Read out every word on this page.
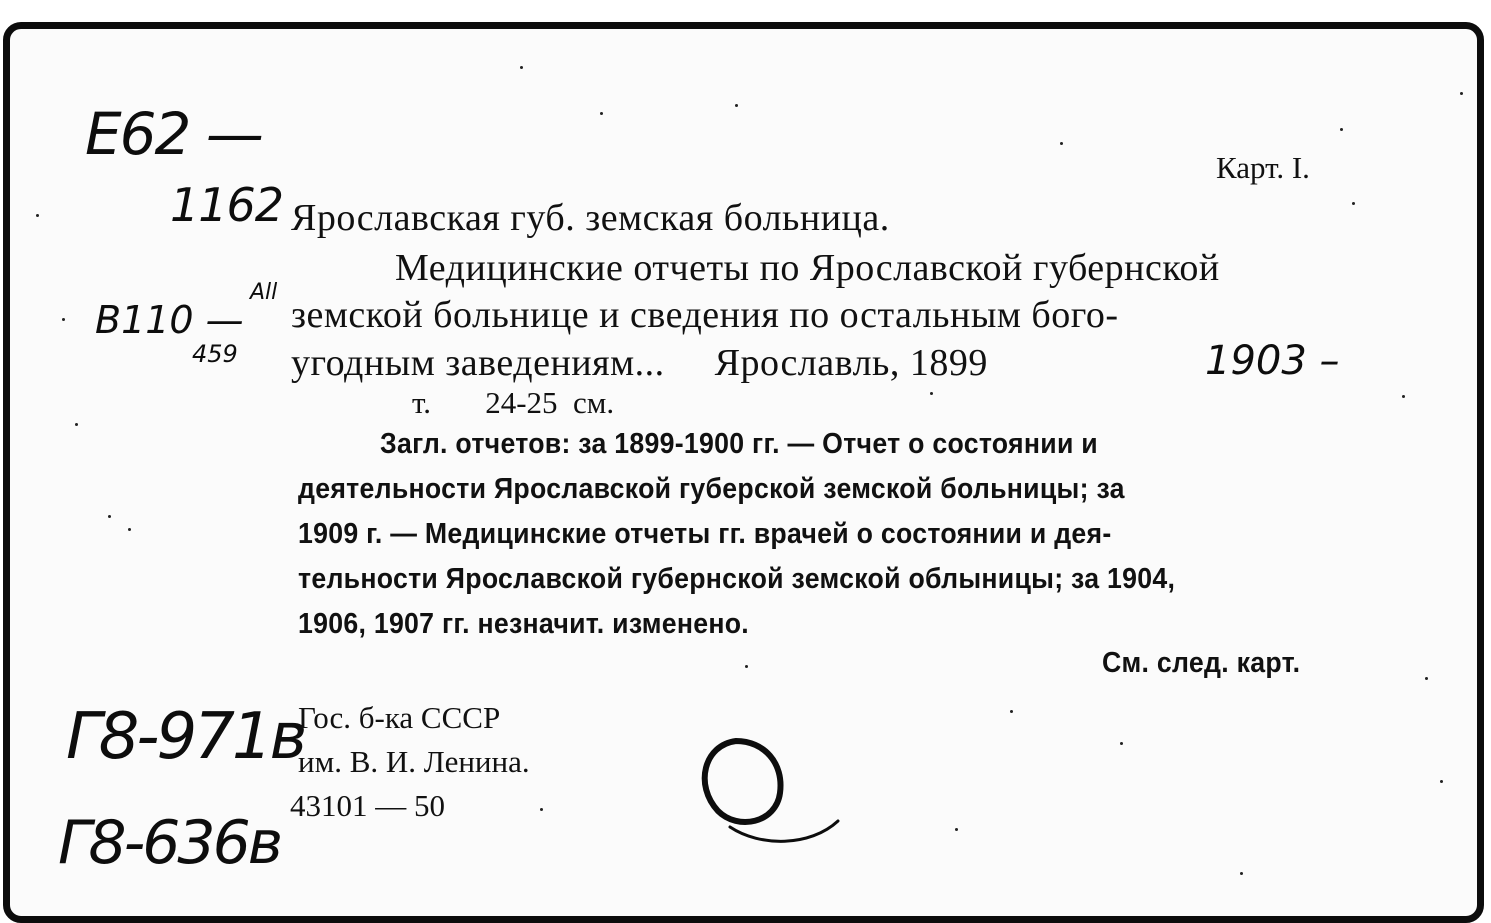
Е62 —
1162
В110 —
All
459
Г8-971в
Г8-636в
Карт. I.
Ярославская губ. земская больница.
Медицинские отчеты по Ярославской губернской
земской больнице и сведения по остальным бого-
угодным заведениям...     Ярославль, 1899	1903 –
т.       24-25  см.
Загл. отчетов: за 1899-1900 гг. — Отчет о состоянии и
деятельности Ярославской губерской земской больницы; за
1909 г. — Медицинские отчеты гг. врачей о состоянии и дея-
тельности Ярославской губернской земской облыницы; за 1904,
1906, 1907 гг. незначит. изменено.
См. след. карт.
Гос. б-ка СССР
им. В. И. Ленина.
43101 — 50
